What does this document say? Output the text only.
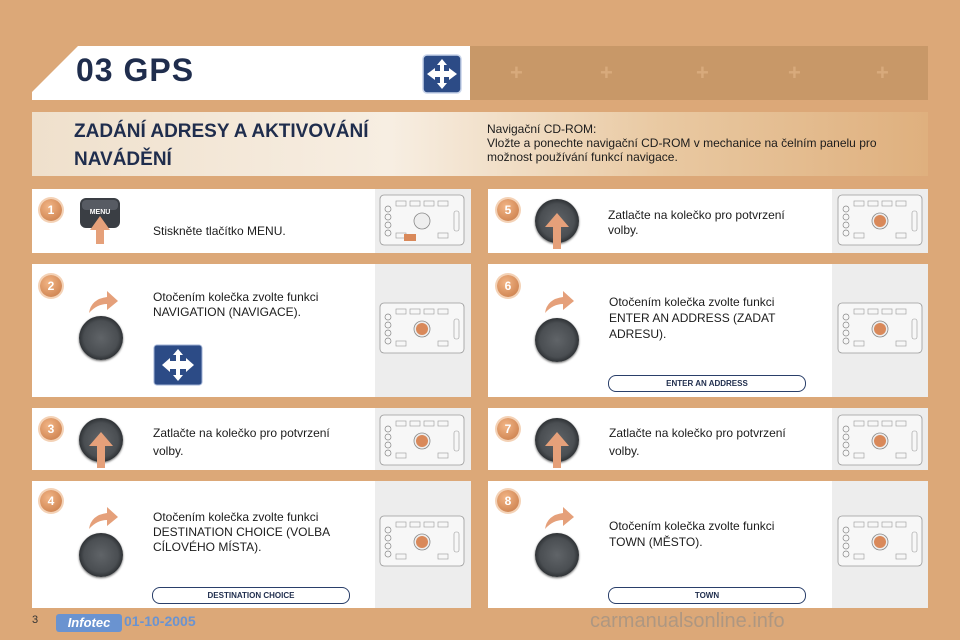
03 GPS	+	+	+	+	+
ZADÁNÍ ADRESY A AKTIVOVÁNÍ NAVÁDĚNÍ
Navigační CD-ROM:
Vložte a ponechte navigační CD-ROM v mechanice na čelním panelu pro
možnost používání funkcí navigace.
1	MENU
Stiskněte tlačítko MENU.
2
Otočením kolečka zvolte funkci
NAVIGATION (NAVIGACE).
3	Zatlačte na kolečko pro potvrzení
volby.
4
Otočením kolečka zvolte funkci
DESTINATION CHOICE (VOLBA
CÍLOVÉHO MÍSTA).
DESTINATION CHOICE
5	Zatlačte na kolečko pro potvrzení
volby.
6
Otočením kolečka zvolte funkci
ENTER AN ADDRESS (ZADAT
ADRESU).
ENTER AN ADDRESS
7	Zatlačte na kolečko pro potvrzení
volby.
8
Otočením kolečka zvolte funkci
TOWN (MĚSTO).
TOWN
3	Infotec 01-10-2005	carmanualsonline.info
